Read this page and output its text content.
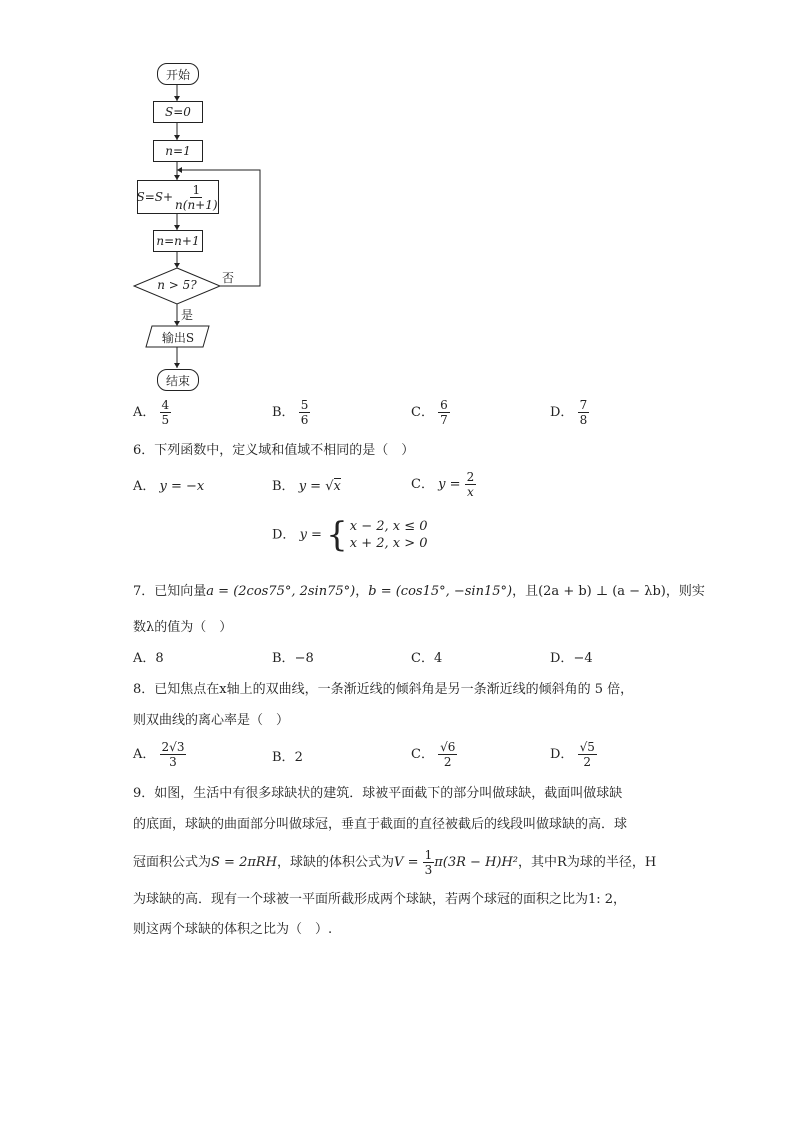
开始
S=0
n=1
$S=S+ \frac{1}{n(n+1)}$
n=n+1
n > 5?	否
是
输出S
结束
A． $\frac{4}{5}$	B． $\frac{5}{6}$	C． $\frac{6}{7}$	D． $\frac{7}{8}$
6．下列函数中，定义域和值域不相同的是（　）
A． y = −x	B． y = √x	C． $y = \frac{2}{x}$
D． y = { x − 2, x ≤ 0
x + 2, x > 0
7．已知向量a = (2cos75°, 2sin75°)，b = (cos15°, −sin15°)，且(2a + b) ⊥ (a − λb)，则实
数λ的值为（　）
A．8	B．−8	C．4	D．−4
8．已知焦点在x轴上的双曲线，一条渐近线的倾斜角是另一条渐近线的倾斜角的 5 倍，
则双曲线的离心率是（　）
A． $\frac{2√3}{3}$	B．2	C． $\frac{√6}{2}$	D． $\frac{√5}{2}$
9．如图，生活中有很多球缺状的建筑．球被平面截下的部分叫做球缺，截面叫做球缺
的底面，球缺的曲面部分叫做球冠，垂直于截面的直径被截后的线段叫做球缺的高．球
冠面积公式为S = 2πRH，球缺的体积公式为$V = \frac{1}{3} \pi(3R - H)H^2$，其中R为球的半径，H
为球缺的高．现有一个球被一平面所截形成两个球缺，若两个球冠的面积之比为1: 2，
则这两个球缺的体积之比为（　）.
